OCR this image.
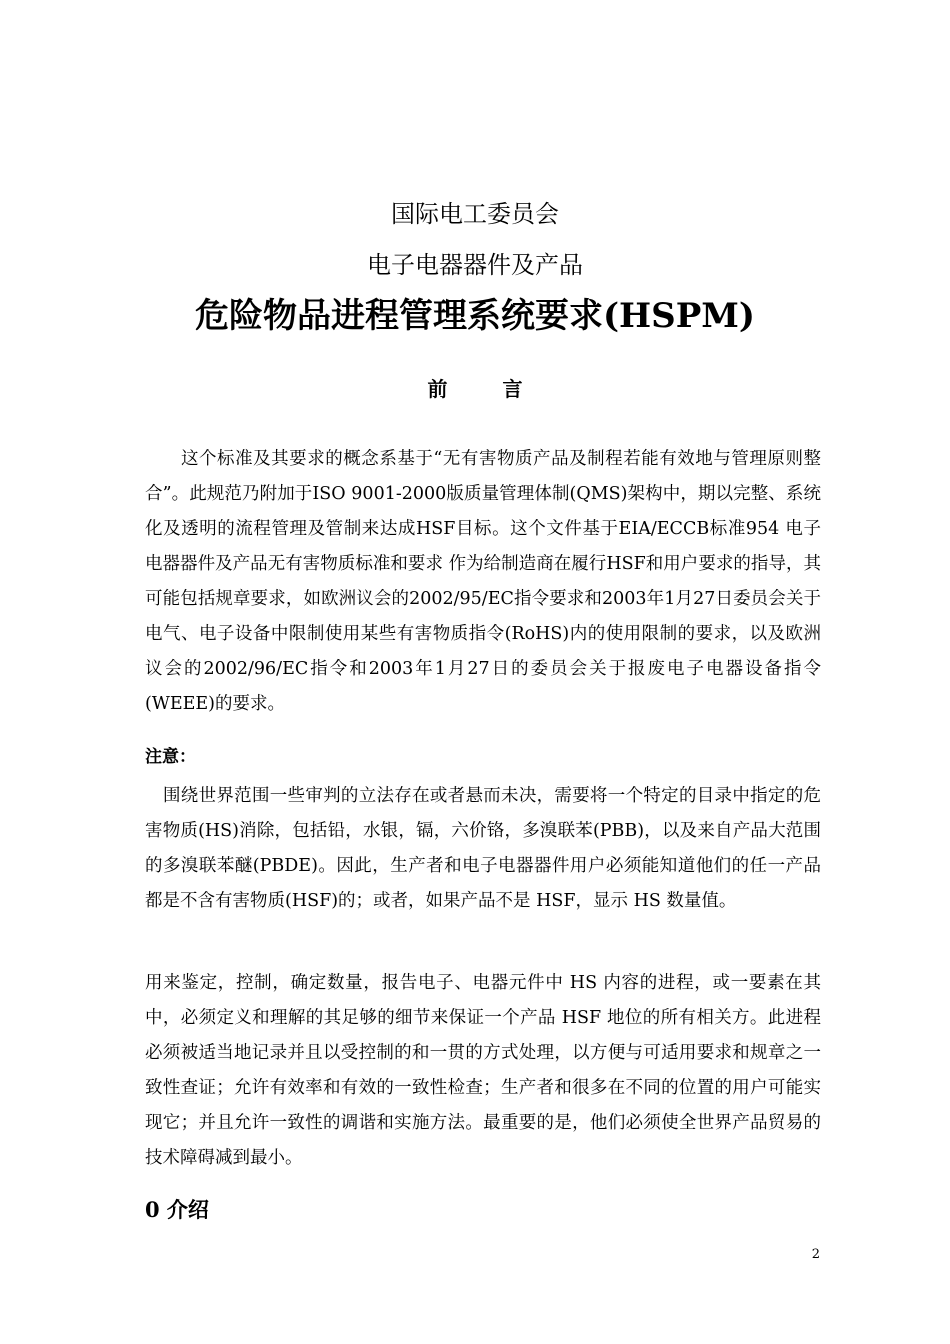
国际电工委员会
电子电器器件及产品
危险物品进程管理系统要求(HSPM)
前 言

这个标准及其要求的概念系基于“无有害物质产品及制程若能有效地与管理原则整合”。此规范乃附加于ISO 9001-2000版质量管理体制(QMS)架构中，期以完整、系统化及透明的流程管理及管制来达成HSF目标。这个文件基于EIA/ECCB标准954 电子电器器件及产品无有害物质标准和要求 作为给制造商在履行HSF和用户要求的指导，其可能包括规章要求，如欧洲议会的2002/95/EC指令要求和2003年1月27日委员会关于电气、电子设备中限制使用某些有害物质指令(RoHS)内的使用限制的要求，以及欧洲议会的2002/96/EC指令和2003年1月27日的委员会关于报废电子电器设备指令(WEEE)的要求。

注意：

围绕世界范围一些审判的立法存在或者悬而未决，需要将一个特定的目录中指定的危害物质(HS)消除，包括铅，水银，镉，六价铬，多溴联苯(PBB)，以及来自产品大范围的多溴联苯醚(PBDE)。因此，生产者和电子电器器件用户必须能知道他们的任一产品都是不含有害物质(HSF)的；或者，如果产品不是 HSF，显示 HS 数量值。

用来鉴定，控制，确定数量，报告电子、电器元件中 HS 内容的进程，或一要素在其中，必须定义和理解的其足够的细节来保证一个产品 HSF 地位的所有相关方。此进程必须被适当地记录并且以受控制的和一贯的方式处理，以方便与可适用要求和规章之一致性查证；允许有效率和有效的一致性检查；生产者和很多在不同的位置的用户可能实现它；并且允许一致性的调谐和实施方法。最重要的是，他们必须使全世界产品贸易的技术障碍减到最小。

0 介绍
2
